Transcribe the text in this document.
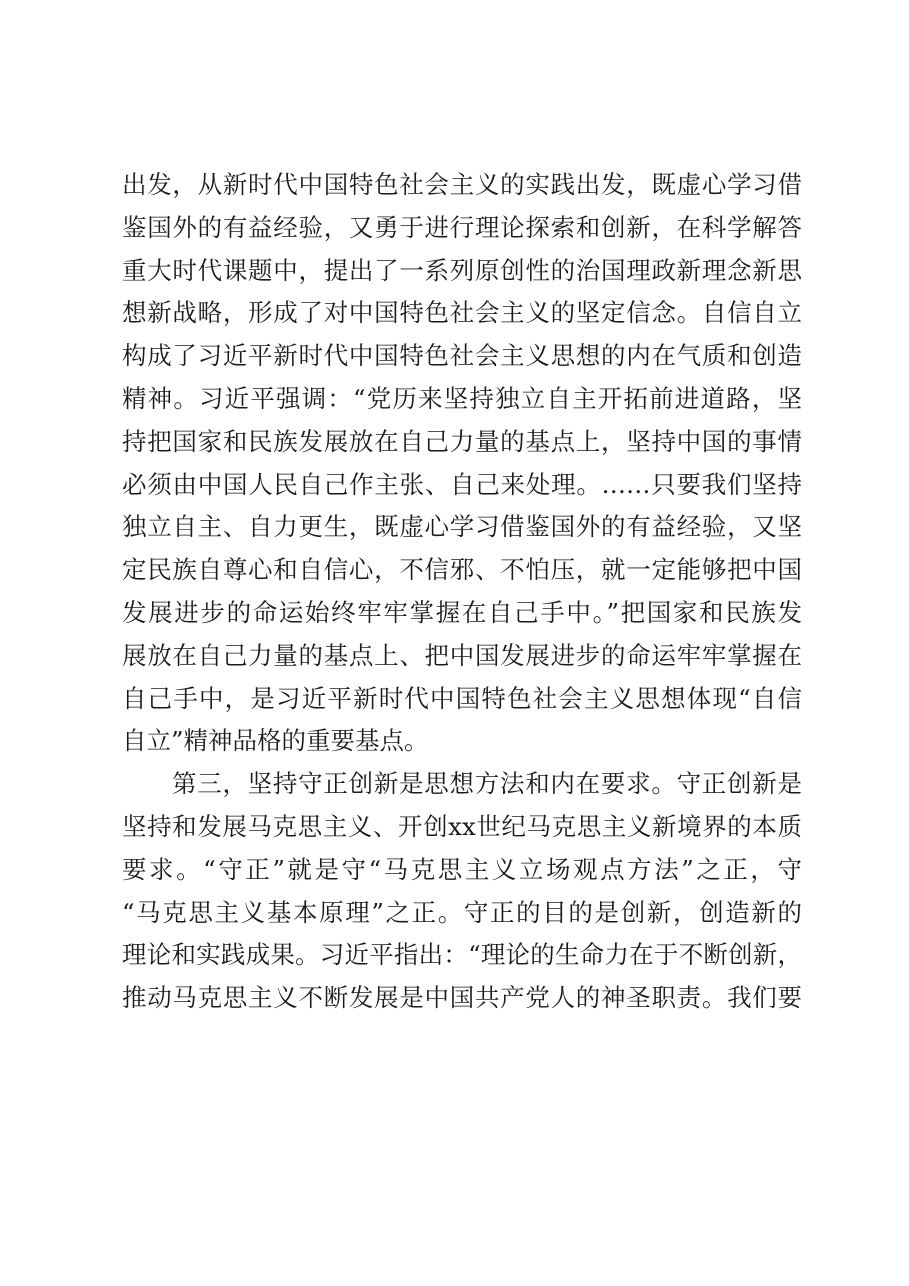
出发，从新时代中国特色社会主义的实践出发，既虚心学习借
鉴国外的有益经验，又勇于进行理论探索和创新，在科学解答
重大时代课题中，提出了一系列原创性的治国理政新理念新思
想新战略，形成了对中国特色社会主义的坚定信念。自信自立
构成了习近平新时代中国特色社会主义思想的内在气质和创造
精神。习近平强调：“党历来坚持独立自主开拓前进道路，坚
持把国家和民族发展放在自己力量的基点上，坚持中国的事情
必须由中国人民自己作主张、自己来处理。……只要我们坚持
独立自主、自力更生，既虚心学习借鉴国外的有益经验，又坚
定民族自尊心和自信心，不信邪、不怕压，就一定能够把中国
发展进步的命运始终牢牢掌握在自己手中。”把国家和民族发
展放在自己力量的基点上、把中国发展进步的命运牢牢掌握在
自己手中，是习近平新时代中国特色社会主义思想体现“自信
自立”精神品格的重要基点。
第三，坚持守正创新是思想方法和内在要求。守正创新是
坚持和发展马克思主义、开创xx世纪马克思主义新境界的本质
要求。“守正”就是守“马克思主义立场观点方法”之正，守
“马克思主义基本原理”之正。守正的目的是创新，创造新的
理论和实践成果。习近平指出：“理论的生命力在于不断创新，
推动马克思主义不断发展是中国共产党人的神圣职责。我们要
